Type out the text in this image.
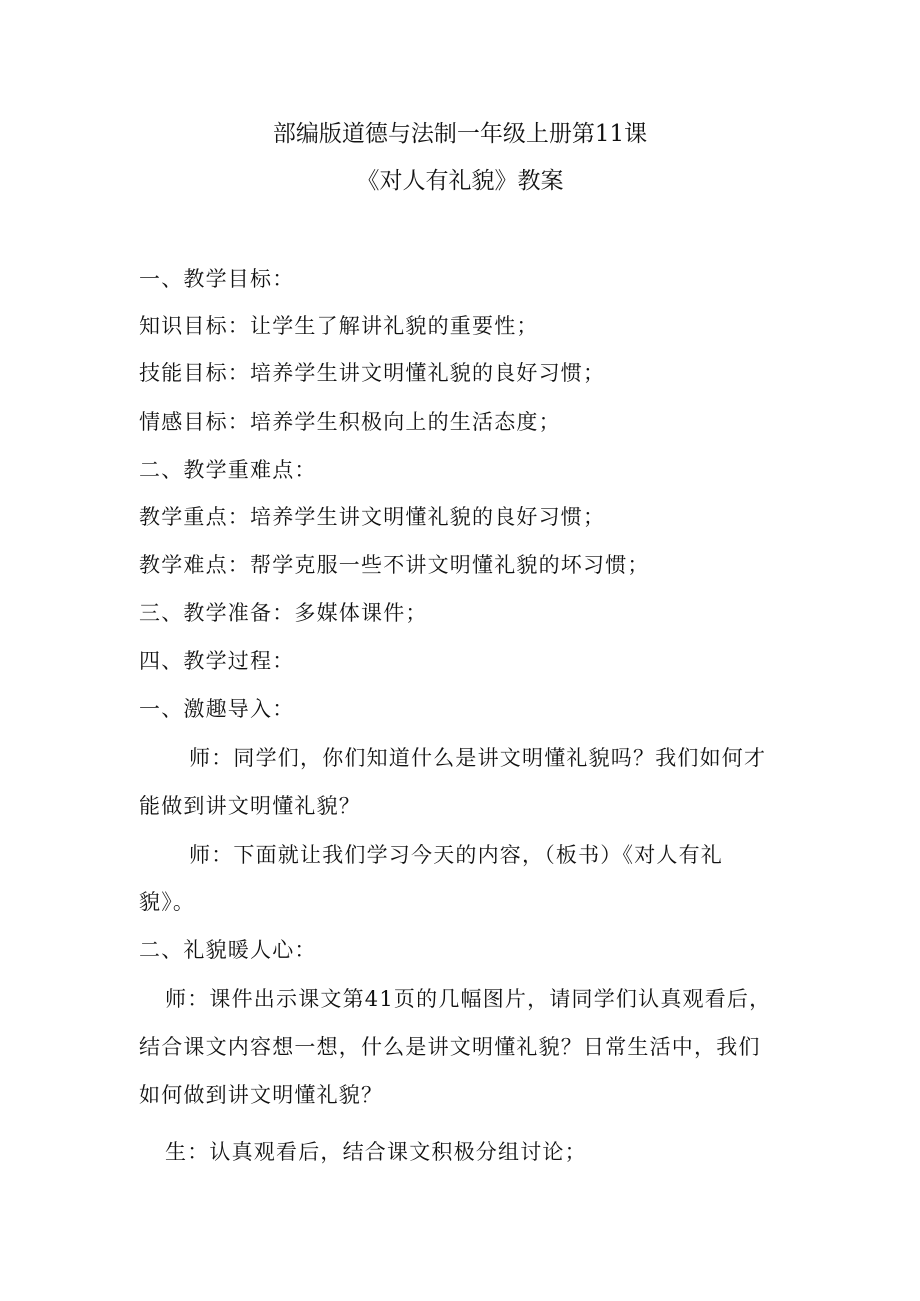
部编版道德与法制一年级上册第11课
《对人有礼貌》教案
一、教学目标：
知识目标：让学生了解讲礼貌的重要性；
技能目标：培养学生讲文明懂礼貌的良好习惯；
情感目标：培养学生积极向上的生活态度；
二、教学重难点：
教学重点：培养学生讲文明懂礼貌的良好习惯；
教学难点：帮学克服一些不讲文明懂礼貌的坏习惯；
三、教学准备：多媒体课件；
四、教学过程：
一、激趣导入：
师：同学们，你们知道什么是讲文明懂礼貌吗？我们如何才
能做到讲文明懂礼貌？
师：下面就让我们学习今天的内容，（板书）《对人有礼
貌》。
二、礼貌暖人心：
师：课件出示课文第41页的几幅图片，请同学们认真观看后，
结合课文内容想一想，什么是讲文明懂礼貌？日常生活中，我们
如何做到讲文明懂礼貌？
生：认真观看后，结合课文积极分组讨论；
